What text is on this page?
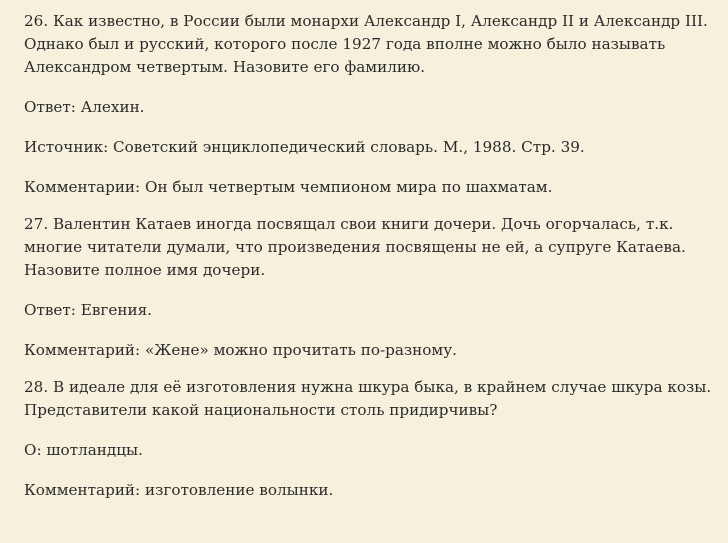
26. Как известно, в России были монархи Александр I, Александр II и Александр III.
Однако был и русский, которого после 1927 года вполне можно было называть
Александром четвертым. Назовите его фамилию.

Ответ: Алехин.

Источник: Советский энциклопедический словарь. М., 1988. Стр. 39.

Комментарии: Он был четвертым чемпионом мира по шахматам.

27. Валентин Катаев иногда посвящал свои книги дочери. Дочь огорчалась, т.к.
многие читатели думали, что произведения посвящены не ей, а супруге Катаева.
Назовите полное имя дочери.

Ответ: Евгения.

Комментарий: «Жене» можно прочитать по-разному.

28. В идеале для её изготовления нужна шкура быка, в крайнем случае шкура козы.
Представители какой национальности столь придирчивы?

О: шотландцы.

Комментарий: изготовление волынки.
